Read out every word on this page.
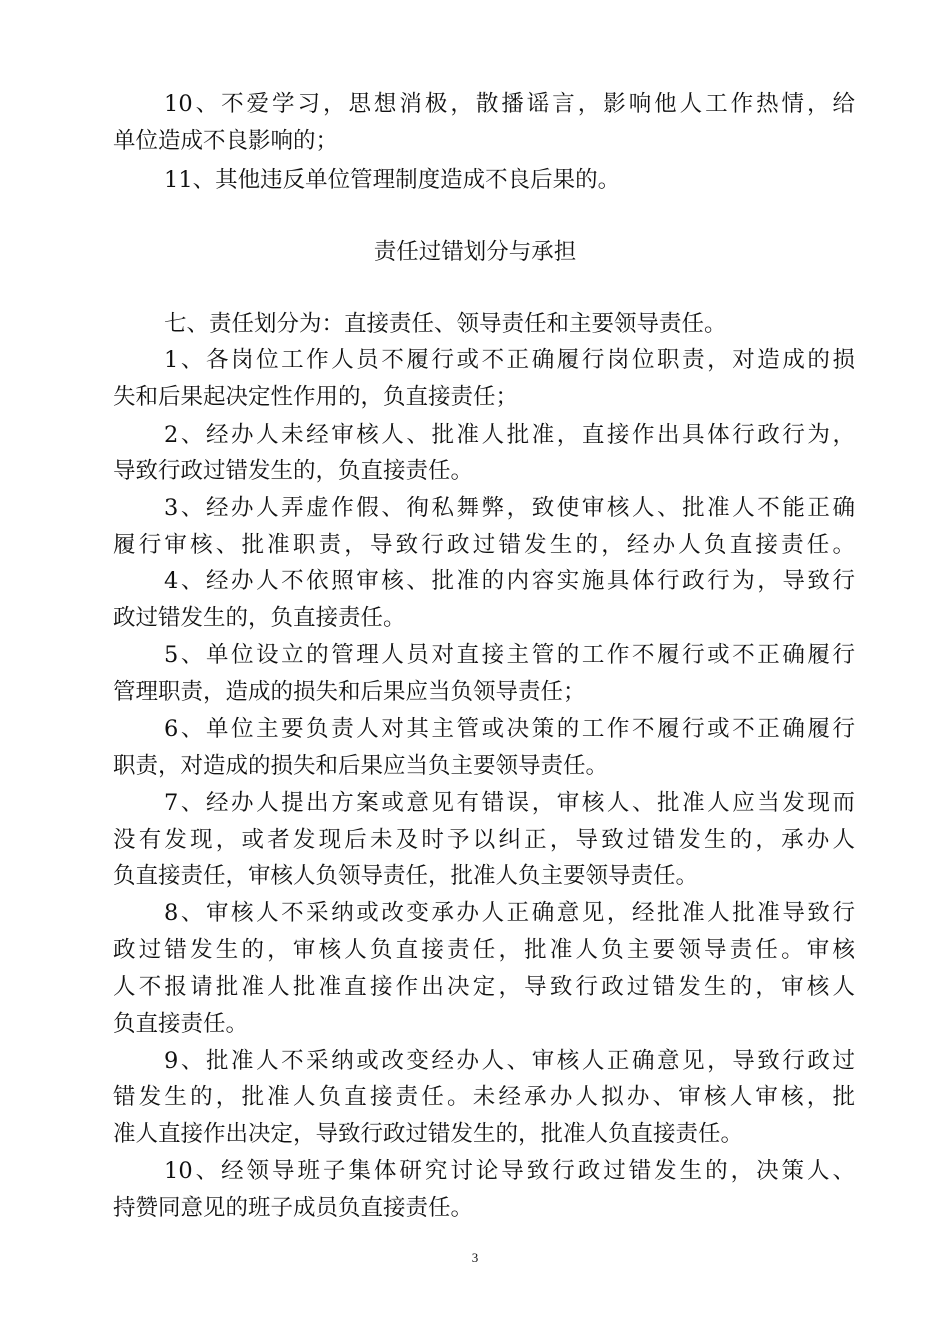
10、不爱学习，思想消极，散播谣言，影响他人工作热情，给
单位造成不良影响的；
11、其他违反单位管理制度造成不良后果的。
责任过错划分与承担
七、责任划分为：直接责任、领导责任和主要领导责任。
1、各岗位工作人员不履行或不正确履行岗位职责，对造成的损
失和后果起决定性作用的，负直接责任；
2、经办人未经审核人、批准人批准，直接作出具体行政行为，
导致行政过错发生的，负直接责任。
3、经办人弄虚作假、徇私舞弊，致使审核人、批准人不能正确
履行审核、批准职责，导致行政过错发生的，经办人负直接责任。
4、经办人不依照审核、批准的内容实施具体行政行为，导致行
政过错发生的，负直接责任。
5、单位设立的管理人员对直接主管的工作不履行或不正确履行
管理职责，造成的损失和后果应当负领导责任；
6、单位主要负责人对其主管或决策的工作不履行或不正确履行
职责，对造成的损失和后果应当负主要领导责任。
7、经办人提出方案或意见有错误，审核人、批准人应当发现而
没有发现，或者发现后未及时予以纠正，导致过错发生的，承办人
负直接责任，审核人负领导责任，批准人负主要领导责任。
8、审核人不采纳或改变承办人正确意见，经批准人批准导致行
政过错发生的，审核人负直接责任，批准人负主要领导责任。审核
人不报请批准人批准直接作出决定，导致行政过错发生的，审核人
负直接责任。
9、批准人不采纳或改变经办人、审核人正确意见，导致行政过
错发生的，批准人负直接责任。未经承办人拟办、审核人审核，批
准人直接作出决定，导致行政过错发生的，批准人负直接责任。
10、经领导班子集体研究讨论导致行政过错发生的，决策人、
持赞同意见的班子成员负直接责任。
3
